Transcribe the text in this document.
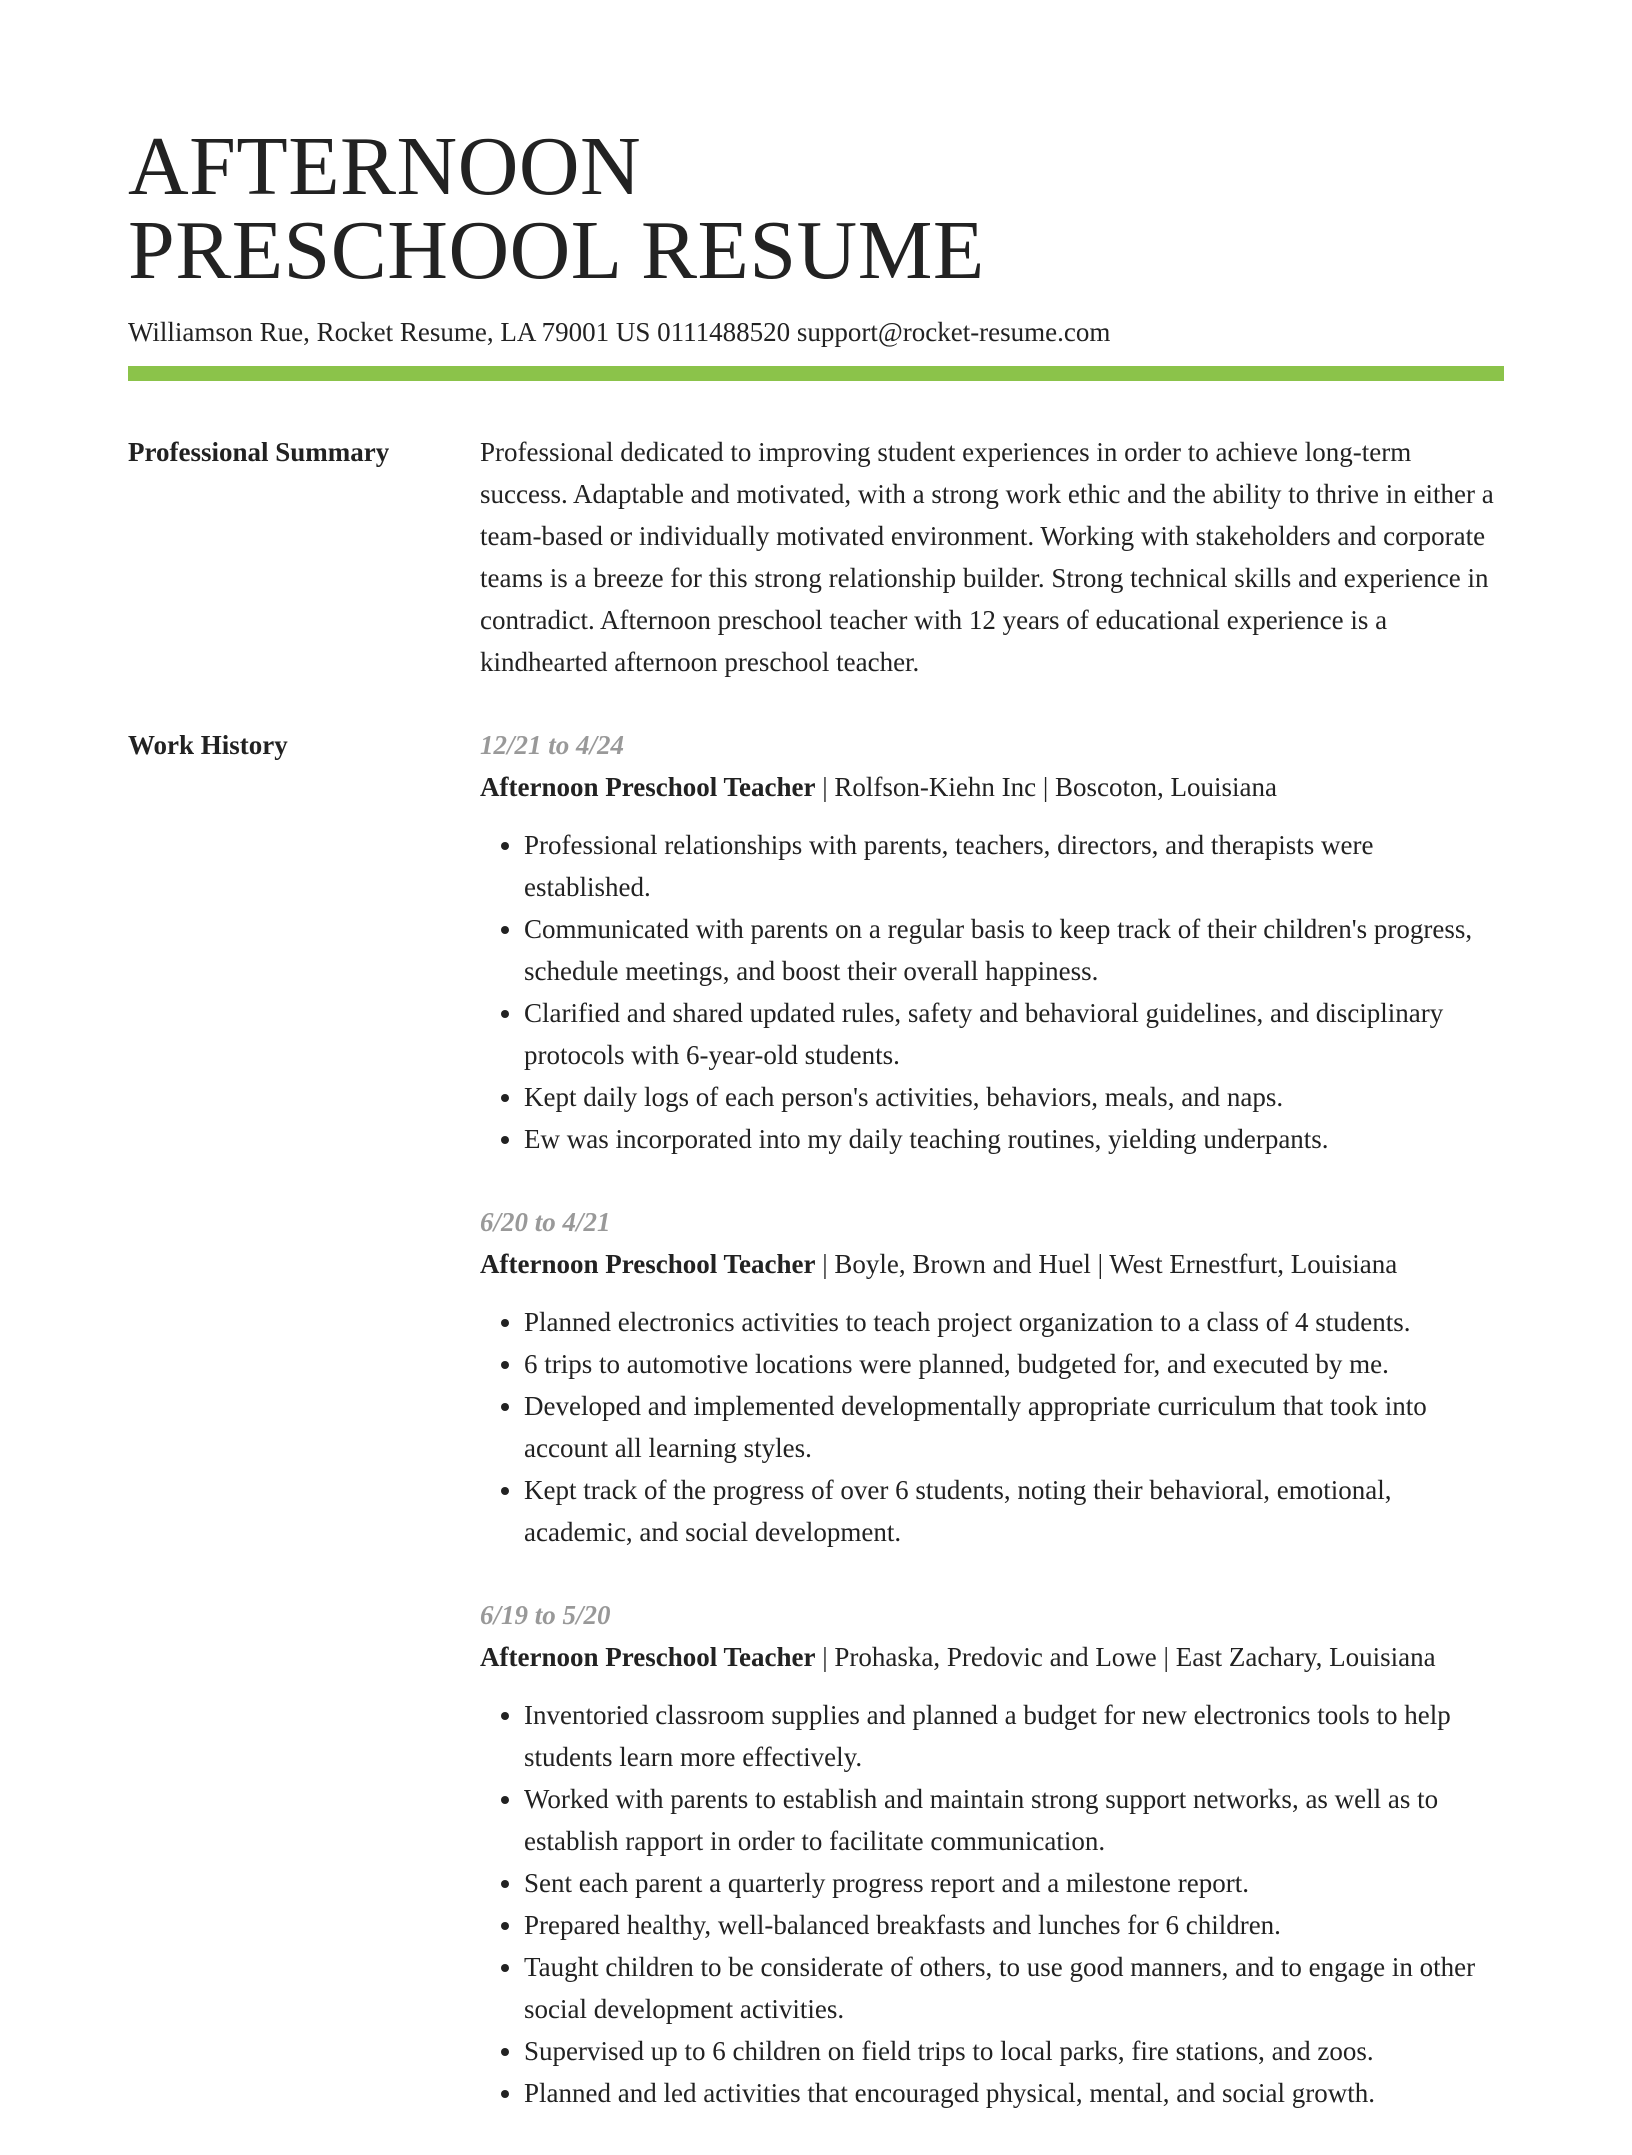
AFTERNOON
PRESCHOOL RESUME
Williamson Rue, Rocket Resume, LA 79001 US 0111488520 support@rocket-resume.com
Professional Summary	Professional dedicated to improving student experiences in order to achieve long-term success. Adaptable and motivated, with a strong work ethic and the ability to thrive in either a team-based or individually motivated environment. Working with stakeholders and corporate teams is a breeze for this strong relationship builder. Strong technical skills and experience in contradict. Afternoon preschool teacher with 12 years of educational experience is a kindhearted afternoon preschool teacher.
Work History	12/21 to 4/24
Afternoon Preschool Teacher | Rolfson-Kiehn Inc | Boscoton, Louisiana
• Professional relationships with parents, teachers, directors, and therapists were established.
• Communicated with parents on a regular basis to keep track of their children's progress, schedule meetings, and boost their overall happiness.
• Clarified and shared updated rules, safety and behavioral guidelines, and disciplinary protocols with 6-year-old students.
• Kept daily logs of each person's activities, behaviors, meals, and naps.
• Ew was incorporated into my daily teaching routines, yielding underpants.
6/20 to 4/21
Afternoon Preschool Teacher | Boyle, Brown and Huel | West Ernestfurt, Louisiana
• Planned electronics activities to teach project organization to a class of 4 students.
• 6 trips to automotive locations were planned, budgeted for, and executed by me.
• Developed and implemented developmentally appropriate curriculum that took into account all learning styles.
• Kept track of the progress of over 6 students, noting their behavioral, emotional, academic, and social development.
6/19 to 5/20
Afternoon Preschool Teacher | Prohaska, Predovic and Lowe | East Zachary, Louisiana
• Inventoried classroom supplies and planned a budget for new electronics tools to help students learn more effectively.
• Worked with parents to establish and maintain strong support networks, as well as to establish rapport in order to facilitate communication.
• Sent each parent a quarterly progress report and a milestone report.
• Prepared healthy, well-balanced breakfasts and lunches for 6 children.
• Taught children to be considerate of others, to use good manners, and to engage in other social development activities.
• Supervised up to 6 children on field trips to local parks, fire stations, and zoos.
• Planned and led activities that encouraged physical, mental, and social growth.
